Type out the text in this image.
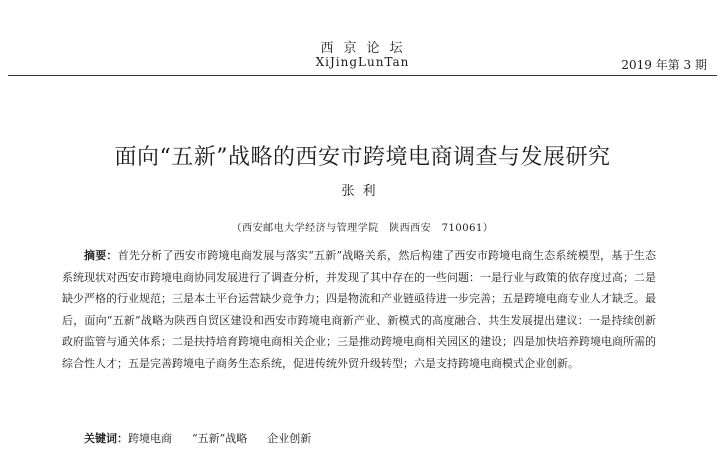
西京论坛
XiJingLunTan	2019 年第 3 期
面向“五新”战略的西安市跨境电商调查与发展研究
张利
（西安邮电大学经济与管理学院　陕西西安　710061）
摘要：首先分析了西安市跨境电商发展与落实“五新”战略关系，然后构建了西安市跨境电商生态系统模型，基于生态系统现状对西安市跨境电商协同发展进行了调查分析，并发现了其中存在的一些问题：一是行业与政策的依存度过高；二是缺少严格的行业规范；三是本土平台运营缺少竞争力；四是物流和产业链亟待进一步完善；五是跨境电商专业人才缺乏。最后，面向“五新”战略为陕西自贸区建设和西安市跨境电商新产业、新模式的高度融合、共生发展提出建议：一是持续创新政府监管与通关体系；二是扶持培育跨境电商相关企业；三是推动跨境电商相关园区的建设；四是加快培养跨境电商所需的综合性人才；五是完善跨境电子商务生态系统，促进传统外贸升级转型；六是支持跨境电商模式企业创新。
关键词：跨境电商 “五新”战略 企业创新
